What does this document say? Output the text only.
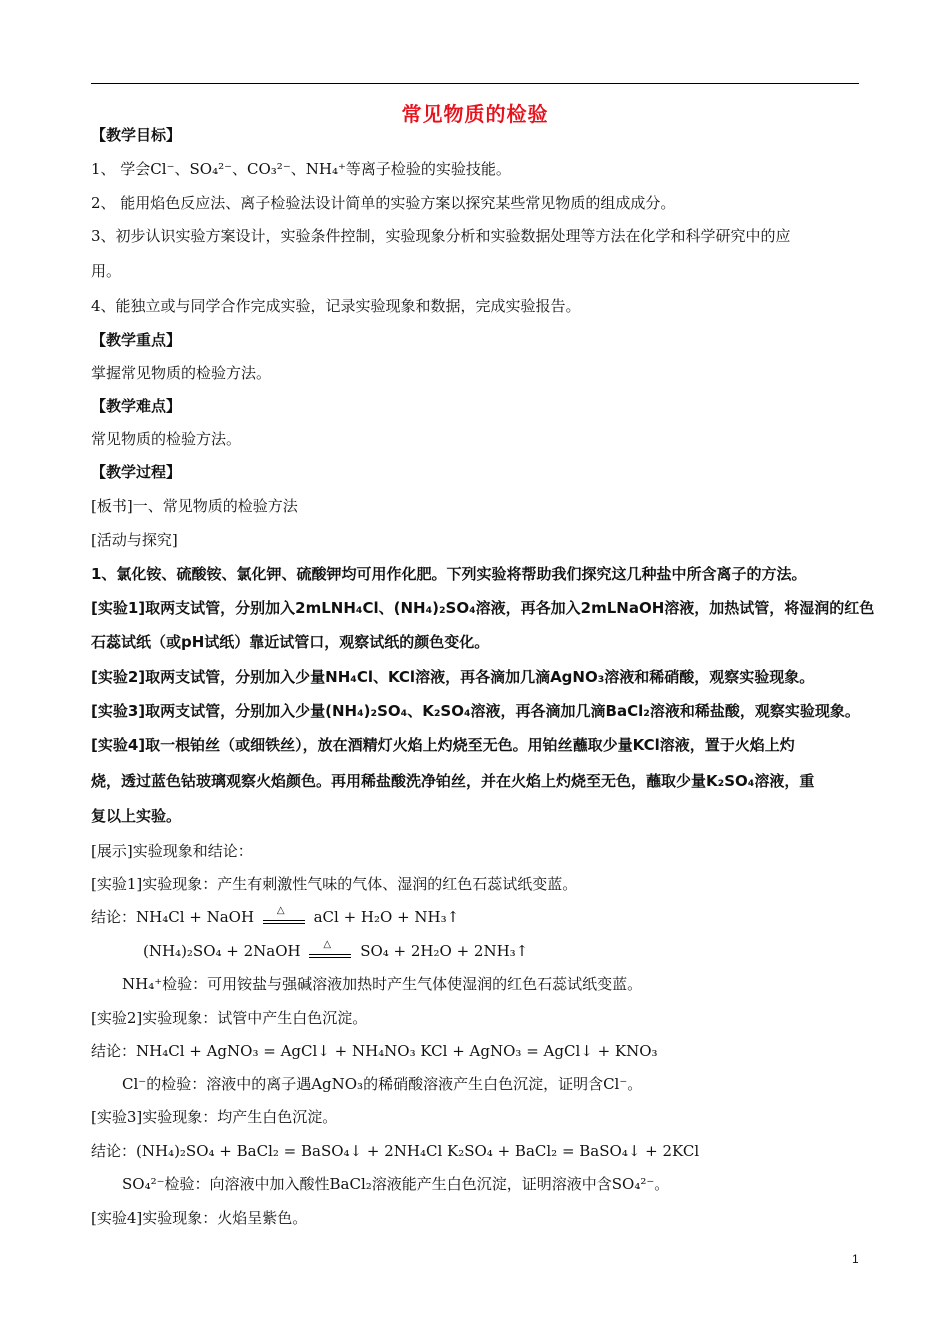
常见物质的检验
【教学目标】
1、 学会Cl⁻、SO₄²⁻、CO₃²⁻、NH₄⁺等离子检验的实验技能。
2、 能用焰色反应法、离子检验法设计简单的实验方案以探究某些常见物质的组成成分。
3、初步认识实验方案设计，实验条件控制，实验现象分析和实验数据处理等方法在化学和科学研究中的应
用。
4、能独立或与同学合作完成实验，记录实验现象和数据，完成实验报告。
【教学重点】
掌握常见物质的检验方法。
【教学难点】
常见物质的检验方法。
【教学过程】
[板书]一、常见物质的检验方法
[活动与探究]
1、氯化铵、硫酸铵、氯化钾、硫酸钾均可用作化肥。下列实验将帮助我们探究这几种盐中所含离子的方法。
[实验1]取两支试管，分别加入2mLNH₄Cl、(NH₄)₂SO₄溶液，再各加入2mLNaOH溶液，加热试管，将湿润的红色
石蕊试纸（或pH试纸）靠近试管口，观察试纸的颜色变化。
[实验2]取两支试管，分别加入少量NH₄Cl、KCl溶液，再各滴加几滴AgNO₃溶液和稀硝酸，观察实验现象。
[实验3]取两支试管，分别加入少量(NH₄)₂SO₄、K₂SO₄溶液，再各滴加几滴BaCl₂溶液和稀盐酸，观察实验现象。
[实验4]取一根铂丝（或细铁丝），放在酒精灯火焰上灼烧至无色。用铂丝蘸取少量KCl溶液，置于火焰上灼
烧，透过蓝色钴玻璃观察火焰颜色。再用稀盐酸洗净铂丝，并在火焰上灼烧至无色，蘸取少量K₂SO₄溶液，重
复以上实验。
[展示]实验现象和结论：
[实验1]实验现象：产生有刺激性气味的气体、湿润的红色石蕊试纸变蓝。
结论：NH₄Cl + NaOH △ aCl + H₂O + NH₃↑
(NH₄)₂SO₄ + 2NaOH △ SO₄ + 2H₂O + 2NH₃↑
NH₄⁺检验：可用铵盐与强碱溶液加热时产生气体使湿润的红色石蕊试纸变蓝。
[实验2]实验现象：试管中产生白色沉淀。
结论：NH₄Cl + AgNO₃ = AgCl↓ + NH₄NO₃ KCl + AgNO₃ = AgCl↓ + KNO₃
Cl⁻的检验：溶液中的离子遇AgNO₃的稀硝酸溶液产生白色沉淀，证明含Cl⁻。
[实验3]实验现象：均产生白色沉淀。
结论：(NH₄)₂SO₄ + BaCl₂ = BaSO₄↓ + 2NH₄Cl K₂SO₄ + BaCl₂ = BaSO₄↓ + 2KCl
SO₄²⁻检验：向溶液中加入酸性BaCl₂溶液能产生白色沉淀，证明溶液中含SO₄²⁻。
[实验4]实验现象：火焰呈紫色。
1
